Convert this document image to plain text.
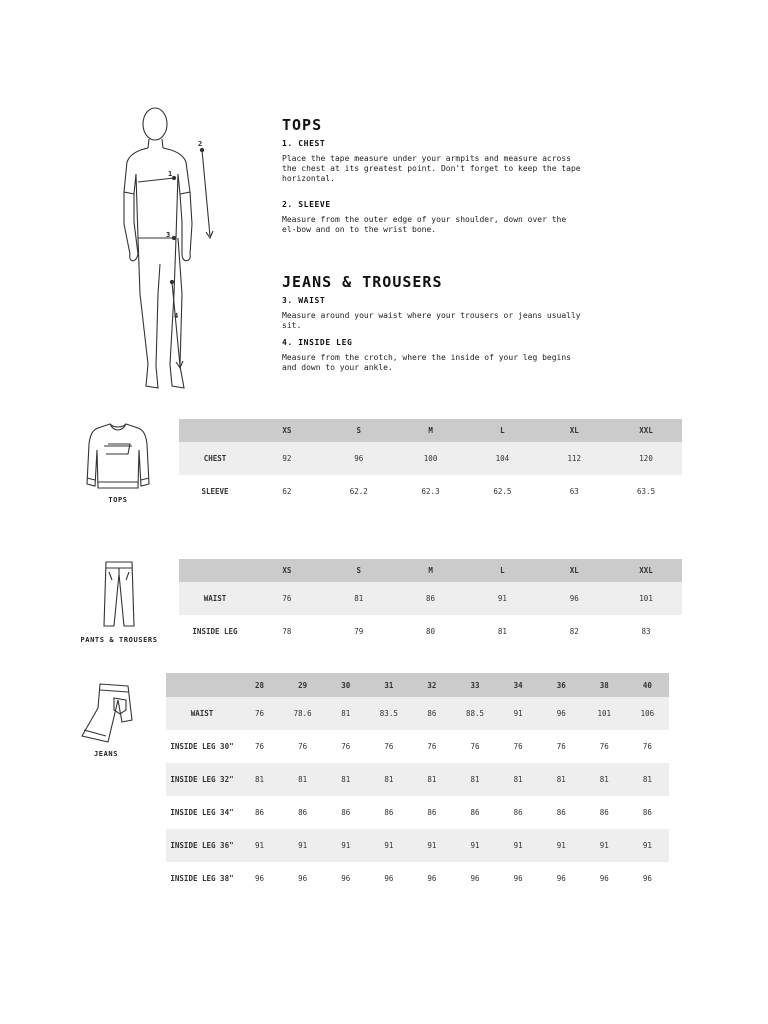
1
2
3
4
TOPS
1. CHEST
Place the tape measure under your armpits and measure across the chest at its greatest point. Don't forget to keep the tape horizontal.
2. SLEEVE
Measure from the outer edge of your shoulder, down over the el-bow and on to the wrist bone.
JEANS & TROUSERS
3. WAIST
Measure around your waist where your trousers or jeans usually sit.
4. INSIDE LEG
Measure from the crotch, where the inside of your leg begins and down to your ankle.
TOPS
PANTS & TROUSERS
JEANS
	XS	S	M	L	XL	XXL
CHEST	92	96	100	104	112	120
SLEEVE	62	62.2	62.3	62.5	63	63.5
	XS	S	M	L	XL	XXL
WAIST	76	81	86	91	96	101
INSIDE LEG	78	79	80	81	82	83
	28	29	30	31	32	33	34	36	38	40
WAIST	76	78.6	81	83.5	86	88.5	91	96	101	106
INSIDE LEG 30"	76	76	76	76	76	76	76	76	76	76
INSIDE LEG 32"	81	81	81	81	81	81	81	81	81	81
INSIDE LEG 34"	86	86	86	86	86	86	86	86	86	86
INSIDE LEG 36"	91	91	91	91	91	91	91	91	91	91
INSIDE LEG 38"	96	96	96	96	96	96	96	96	96	96
